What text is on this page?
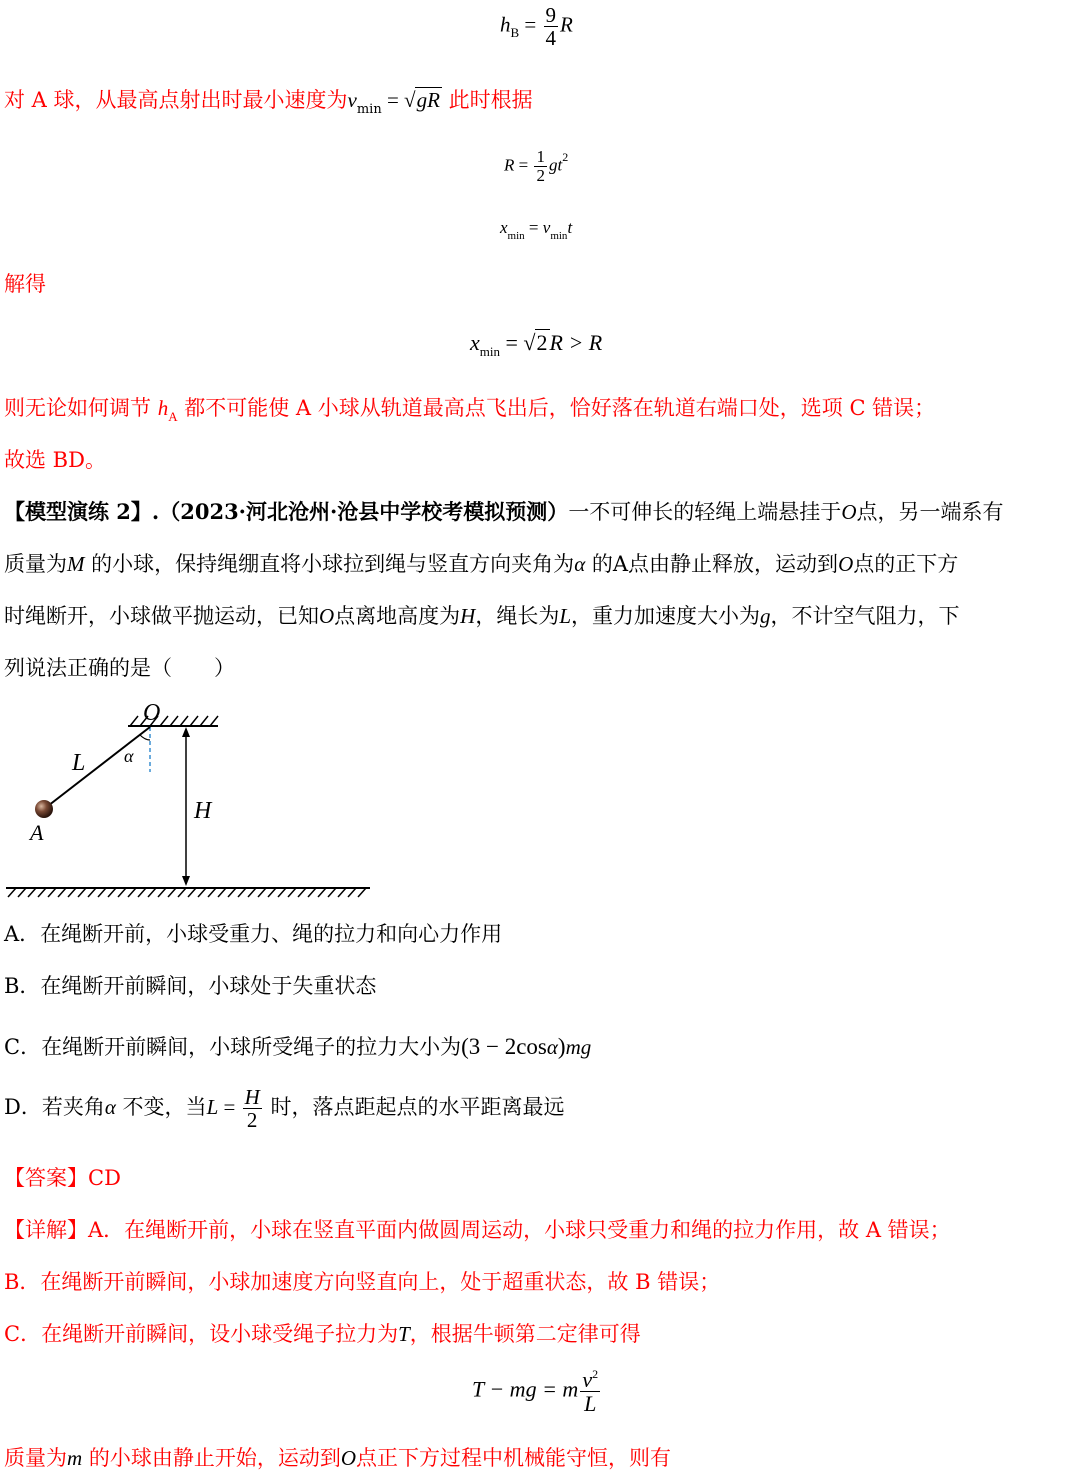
$h_B = \frac{9}{4}$ R
对 A 球，从最高点射出时最小速度为$v_{min} = √gR$ 此时根据
$R = \frac{1}{2} gt^2$
$x_{min} = v_{min}t$
解得
$x_{min} = √2R > R$
则无论如何调节 $h_A$ 都不可能使 A 小球从轨道最高点飞出后，恰好落在轨道右端口处，选项 C 错误；
故选 BD。
【模型演练 2】.（2023·河北沧州·沧县中学校考模拟预测）一不可伸长的轻绳上端悬挂于O点，另一端系有
质量为M 的小球，保持绳绷直将小球拉到绳与竖直方向夹角为α 的A点由静止释放，运动到O点的正下方
时绳断开，小球做平抛运动，已知O点离地高度为H，绳长为L，重力加速度大小为g，不计空气阻力，下
列说法正确的是（　　）
O
L α
H
A
A．在绳断开前，小球受重力、绳的拉力和向心力作用
B．在绳断开前瞬间，小球处于失重状态
C．在绳断开前瞬间，小球所受绳子的拉力大小为(3 − 2cosα)mg
D．若夹角α 不变，当$L = \frac{H}{2}$ 时，落点距起点的水平距离最远
【答案】CD
【详解】A．在绳断开前，小球在竖直平面内做圆周运动，小球只受重力和绳的拉力作用，故 A 错误；
B．在绳断开前瞬间，小球加速度方向竖直向上，处于超重状态，故 B 错误；
C．在绳断开前瞬间，设小球受绳子拉力为T，根据牛顿第二定律可得
T − mg = m $\frac{v^2}{L}$
质量为m 的小球由静止开始，运动到O点正下方过程中机械能守恒，则有
